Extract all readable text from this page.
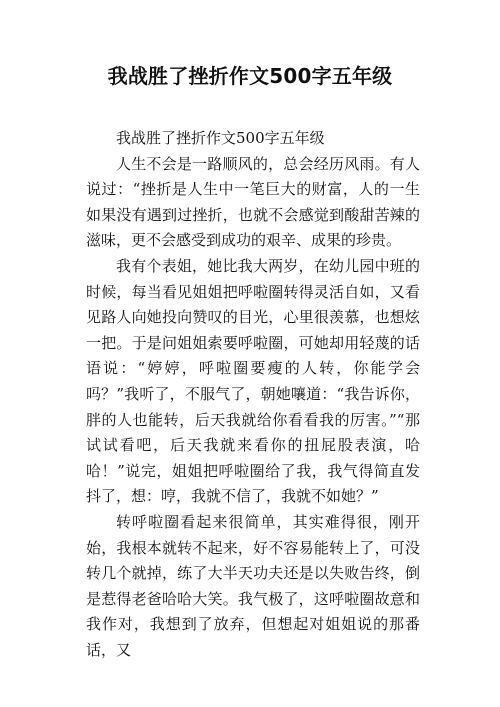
我战胜了挫折作文500字五年级

我战胜了挫折作文500字五年级

人生不会是一路顺风的，总会经历风雨。有人说过：“挫折是人生中一笔巨大的财富，人的一生如果没有遇到过挫折，也就不会感觉到酸甜苦辣的滋味，更不会感受到成功的艰辛、成果的珍贵。

我有个表姐，她比我大两岁，在幼儿园中班的时候，每当看见姐姐把呼啦圈转得灵活自如，又看见路人向她投向赞叹的目光，心里很羡慕，也想炫一把。于是问姐姐索要呼啦圈，可她却用轻蔑的话语说：“婷婷，呼啦圈要瘦的人转，你能学会吗？”我听了，不服气了，朝她嚷道：“我告诉你，胖的人也能转，后天我就给你看看我的厉害。”“那试试看吧，后天我就来看你的扭屁股表演，哈哈！”说完，姐姐把呼啦圈给了我，我气得简直发抖了，想：哼，我就不信了，我就不如她？”

转呼啦圈看起来很简单，其实难得很，刚开始，我根本就转不起来，好不容易能转上了，可没转几个就掉，练了大半天功夫还是以失败告终，倒是惹得老爸哈哈大笑。我气极了，这呼啦圈故意和我作对，我想到了放弃，但想起对姐姐说的那番话，又
